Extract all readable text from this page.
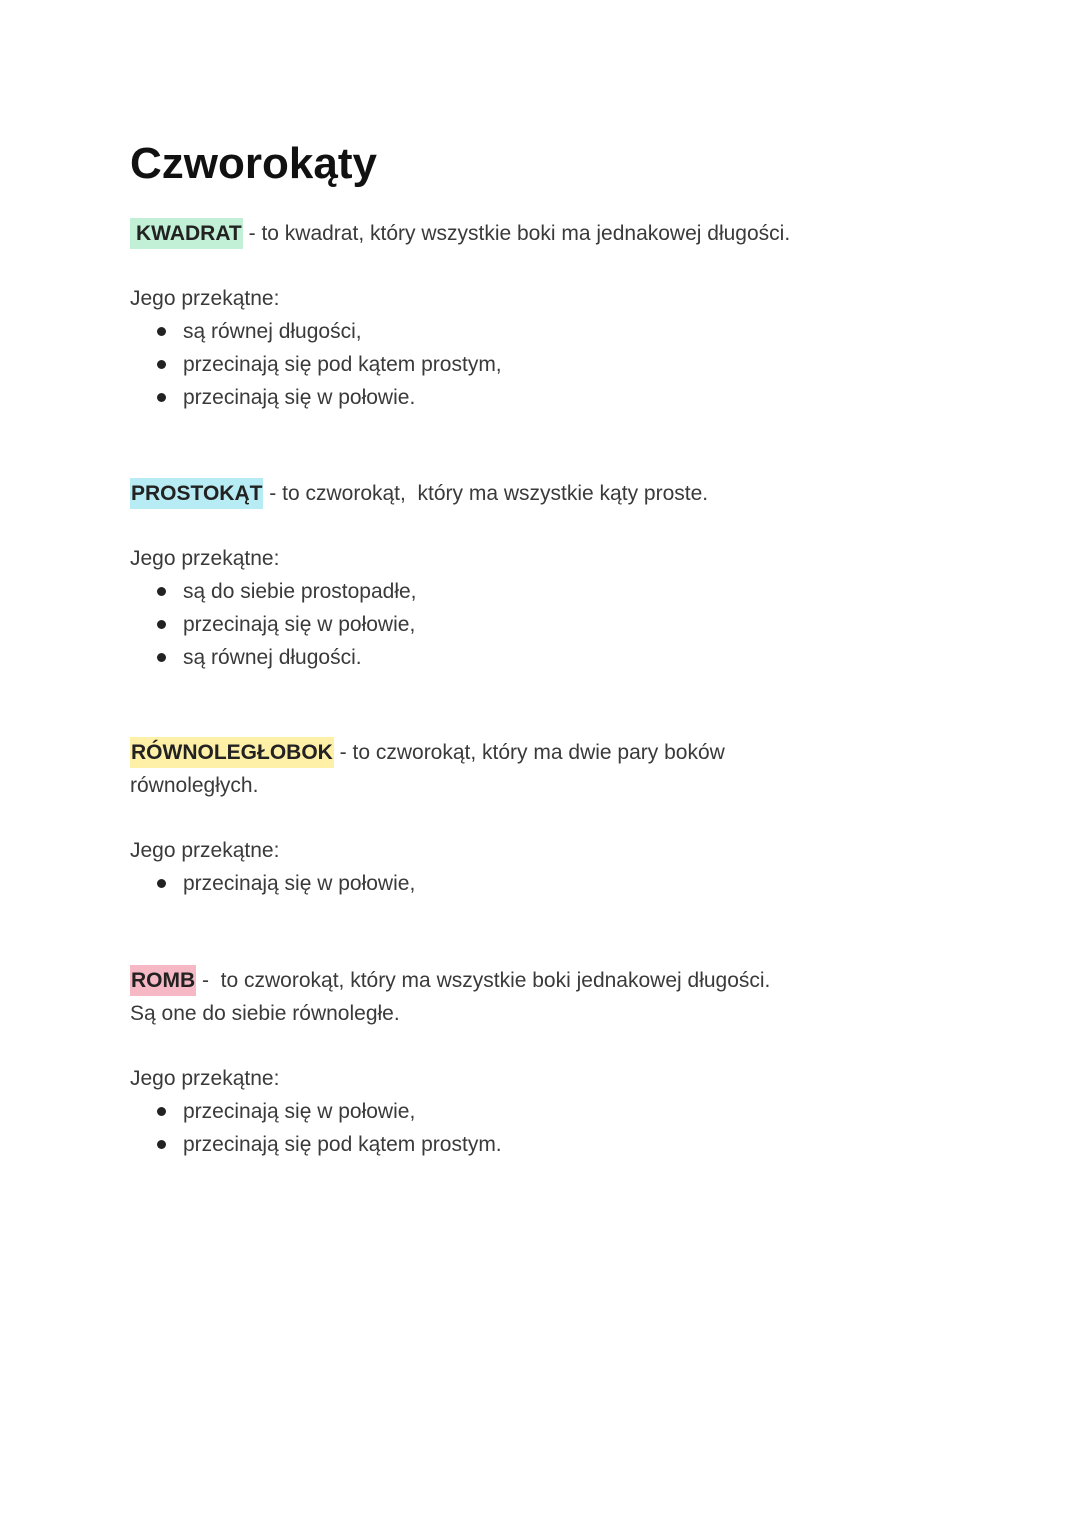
Czworokąty

KWADRAT - to kwadrat, który wszystkie boki ma jednakowej długości.

Jego przekątne:

są równej długości,
przecinają się pod kątem prostym,
przecinają się w połowie.

PROSTOKĄT - to czworokąt,  który ma wszystkie kąty proste.

Jego przekątne:

są do siebie prostopadłe,
przecinają się w połowie,
są równej długości.

RÓWNOLEGŁOBOK - to czworokąt, który ma dwie pary boków

równoległych.

Jego przekątne:

przecinają się w połowie,

ROMB -  to czworokąt, który ma wszystkie boki jednakowej długości.

Są one do siebie równoległe.

Jego przekątne:

przecinają się w połowie,
przecinają się pod kątem prostym.
